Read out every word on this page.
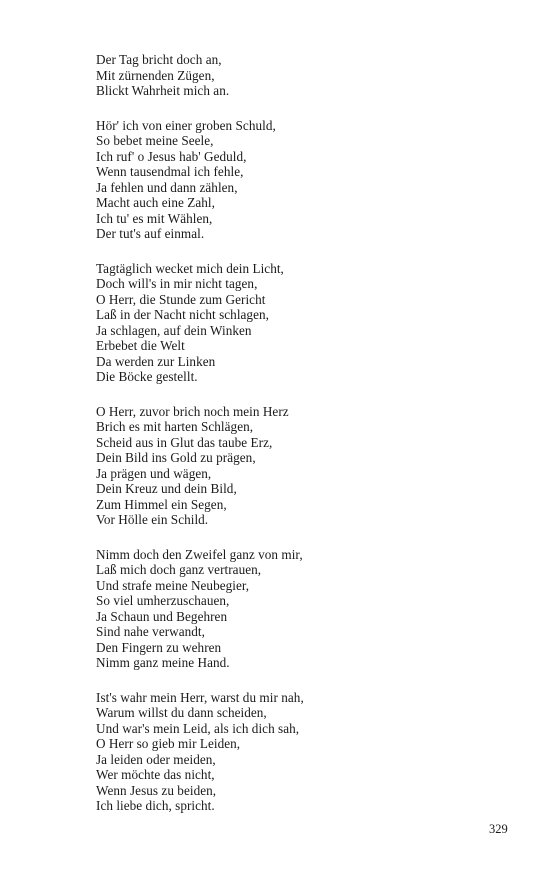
Der Tag bricht doch an,
Mit zürnenden Zügen,
Blickt Wahrheit mich an.
Hör' ich von einer groben Schuld,
So bebet meine Seele,
Ich ruf' o Jesus hab' Geduld,
Wenn tausendmal ich fehle,
Ja fehlen und dann zählen,
Macht auch eine Zahl,
Ich tu' es mit Wählen,
Der tut's auf einmal.
Tagtäglich wecket mich dein Licht,
Doch will's in mir nicht tagen,
O Herr, die Stunde zum Gericht
Laß in der Nacht nicht schlagen,
Ja schlagen, auf dein Winken
Erbebet die Welt
Da werden zur Linken
Die Böcke gestellt.
O Herr, zuvor brich noch mein Herz
Brich es mit harten Schlägen,
Scheid aus in Glut das taube Erz,
Dein Bild ins Gold zu prägen,
Ja prägen und wägen,
Dein Kreuz und dein Bild,
Zum Himmel ein Segen,
Vor Hölle ein Schild.
Nimm doch den Zweifel ganz von mir,
Laß mich doch ganz vertrauen,
Und strafe meine Neubegier,
So viel umherzuschauen,
Ja Schaun und Begehren
Sind nahe verwandt,
Den Fingern zu wehren
Nimm ganz meine Hand.
Ist's wahr mein Herr, warst du mir nah,
Warum willst du dann scheiden,
Und war's mein Leid, als ich dich sah,
O Herr so gieb mir Leiden,
Ja leiden oder meiden,
Wer möchte das nicht,
Wenn Jesus zu beiden,
Ich liebe dich, spricht.
329
